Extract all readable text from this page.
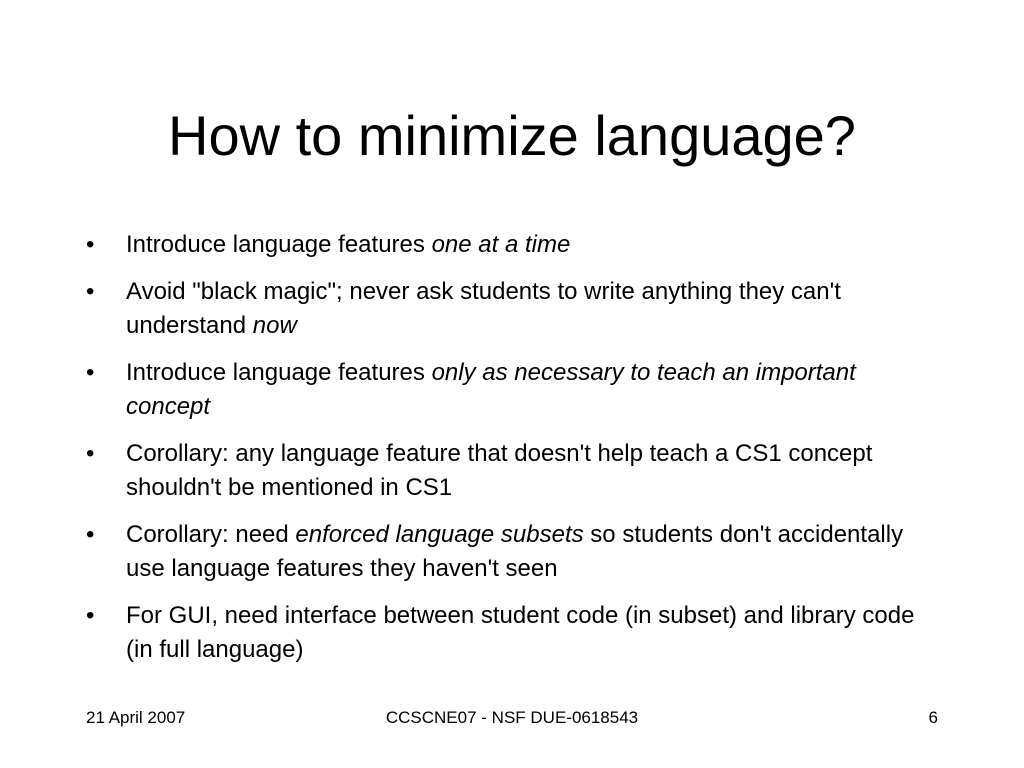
How to minimize language?
• Introduce language features one at a time
• Avoid "black magic"; never ask students to write anything they can't understand now
• Introduce language features only as necessary to teach an important concept
• Corollary: any language feature that doesn't help teach a CS1 concept shouldn't be mentioned in CS1
• Corollary: need enforced language subsets so students don't accidentally use language features they haven't seen
• For GUI, need interface between student code (in subset) and library code (in full language)
21 April 2007	CCSCNE07 - NSF DUE-0618543	6
